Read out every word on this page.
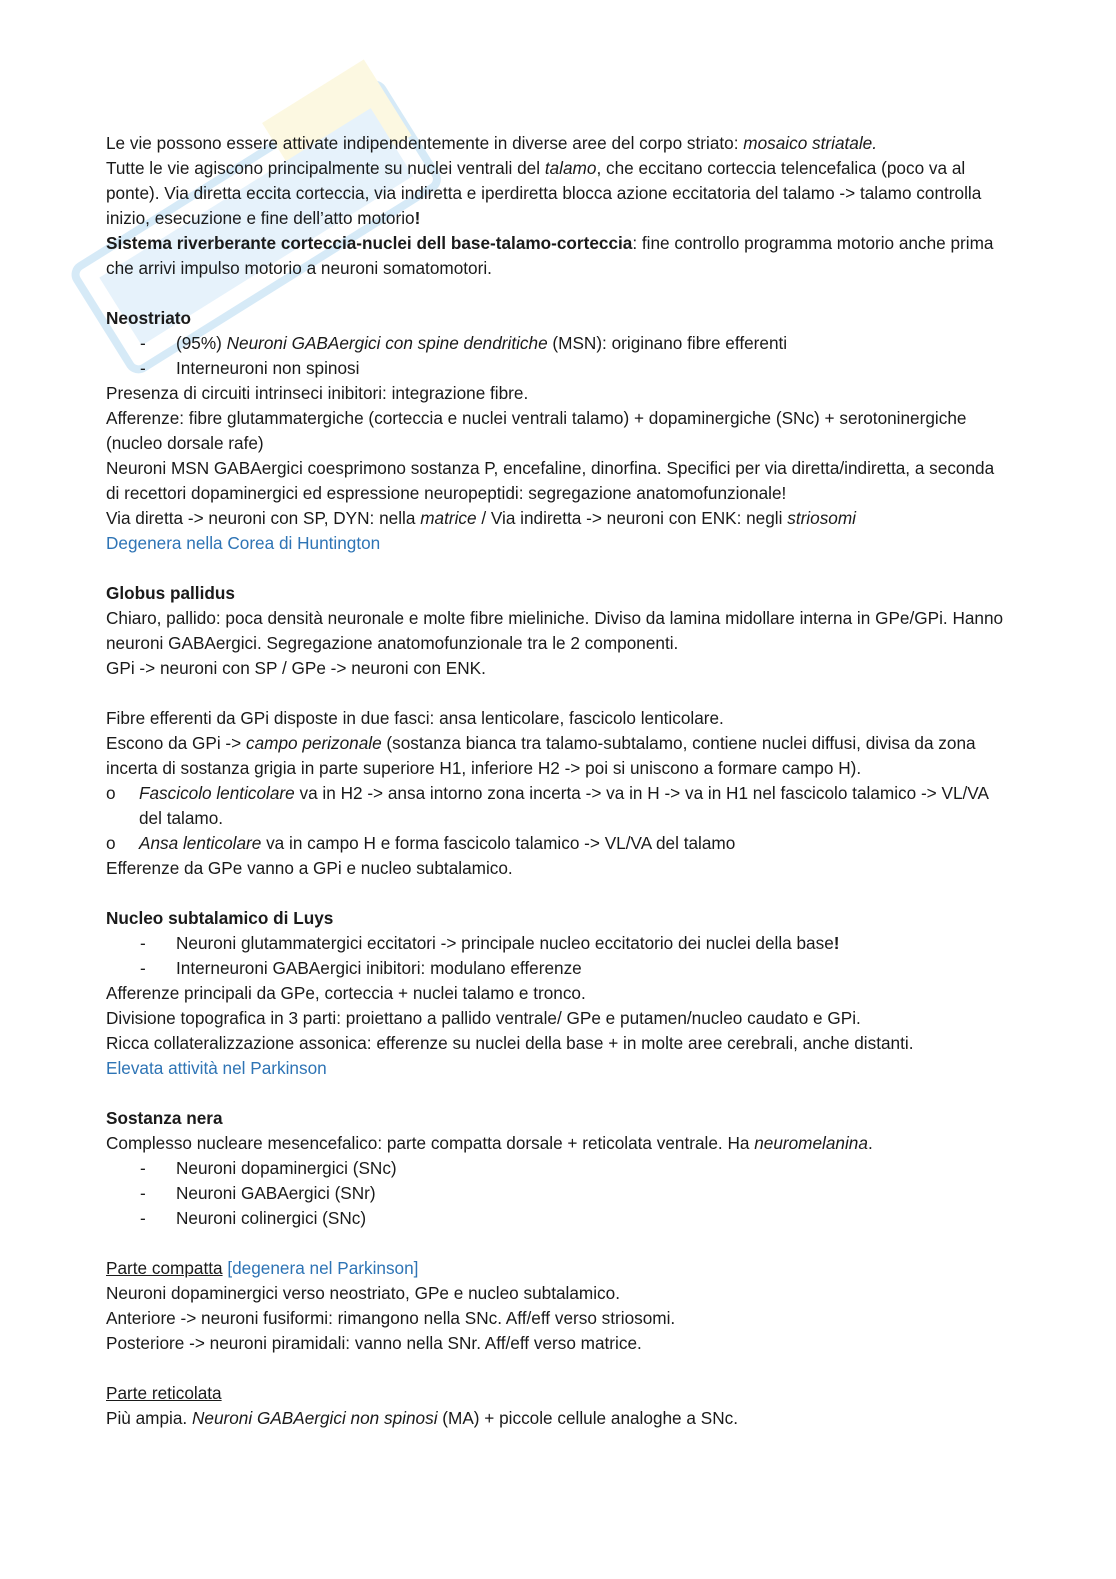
Le vie possono essere attivate indipendentemente in diverse aree del corpo striato: mosaico striatale.

Tutte le vie agiscono principalmente su nuclei ventrali del talamo, che eccitano corteccia telencefalica (poco va al ponte). Via diretta eccita corteccia, via indiretta e iperdiretta blocca azione eccitatoria del talamo -> talamo controlla inizio, esecuzione e fine dell’atto motorio!

Sistema riverberante corteccia-nuclei dell base-talamo-corteccia: fine controllo programma motorio anche prima che arrivi impulso motorio a neuroni somatomotori.

Neostriato

-	(95%) Neuroni GABAergici con spine dendritiche (MSN): originano fibre efferenti
-	Interneuroni non spinosi

Presenza di circuiti intrinseci inibitori: integrazione fibre.

Afferenze: fibre glutammatergiche (corteccia e nuclei ventrali talamo) + dopaminergiche (SNc) + serotoninergiche (nucleo dorsale rafe)

Neuroni MSN GABAergici coesprimono sostanza P, encefaline, dinorfina. Specifici per via diretta/indiretta, a seconda di recettori dopaminergici ed espressione neuropeptidi: segregazione anatomofunzionale!

Via diretta -> neuroni con SP, DYN: nella matrice / Via indiretta -> neuroni con ENK: negli striosomi

Degenera nella Corea di Huntington

Globus pallidus

Chiaro, pallido: poca densità neuronale e molte fibre mieliniche. Diviso da lamina midollare interna in GPe/GPi. Hanno neuroni GABAergici. Segregazione anatomofunzionale tra le 2 componenti.

GPi -> neuroni con SP / GPe -> neuroni con ENK.

Fibre efferenti da GPi disposte in due fasci: ansa lenticolare, fascicolo lenticolare.

Escono da GPi -> campo perizonale (sostanza bianca tra talamo-subtalamo, contiene nuclei diffusi, divisa da zona incerta di sostanza grigia in parte superiore H1, inferiore H2 -> poi si uniscono a formare campo H).

o	Fascicolo lenticolare va in H2 -> ansa intorno zona incerta -> va in H -> va in H1 nel fascicolo talamico -> VL/VA del talamo.
o	Ansa lenticolare va in campo H e forma fascicolo talamico -> VL/VA del talamo

Efferenze da GPe vanno a GPi e nucleo subtalamico.

Nucleo subtalamico di Luys

-	Neuroni glutammatergici eccitatori -> principale nucleo eccitatorio dei nuclei della base!
-	Interneuroni GABAergici inibitori: modulano efferenze

Afferenze principali da GPe, corteccia + nuclei talamo e tronco.

Divisione topografica in 3 parti: proiettano a pallido ventrale/ GPe e putamen/nucleo caudato e GPi.

Ricca collateralizzazione assonica: efferenze su nuclei della base + in molte aree cerebrali, anche distanti.

Elevata attività nel Parkinson

Sostanza nera

Complesso nucleare mesencefalico: parte compatta dorsale + reticolata ventrale. Ha neuromelanina.

-	Neuroni dopaminergici (SNc)
-	Neuroni GABAergici (SNr)
-	Neuroni colinergici (SNc)

Parte compatta [degenera nel Parkinson]

Neuroni dopaminergici verso neostriato, GPe e nucleo subtalamico.

Anteriore -> neuroni fusiformi: rimangono nella SNc. Aff/eff verso striosomi.

Posteriore -> neuroni piramidali: vanno nella SNr. Aff/eff verso matrice.

Parte reticolata

Più ampia. Neuroni GABAergici non spinosi (MA) + piccole cellule analoghe a SNc.
